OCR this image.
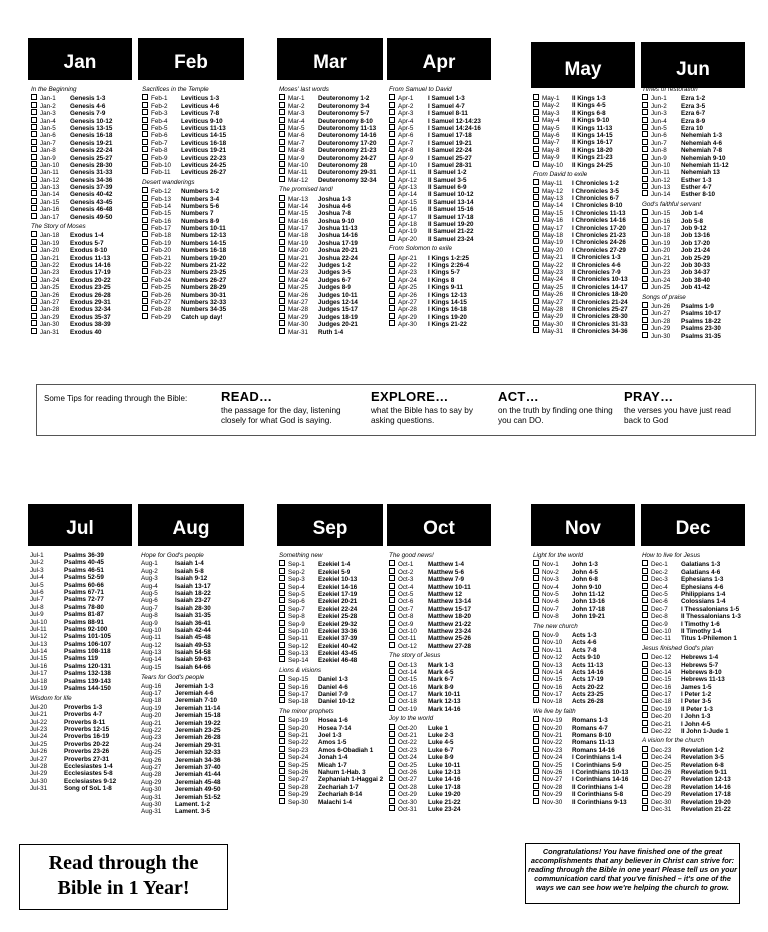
Jan	Feb	Mar	Apr	May	Jun
Jul	Aug	Sep	Oct	Nov	Dec
In the Beginning
Jan-1 Genesis 1-3
Jan-2 Genesis 4-6
Jan-3 Genesis 7-9
Jan-4 Genesis 10-12
Jan-5 Genesis 13-15
Jan-6 Genesis 16-18
Jan-7 Genesis 19-21
Jan-8 Genesis 22-24
Jan-9 Genesis 25-27
Jan-10 Genesis 28-30
Jan-11 Genesis 31-33
Jan-12 Genesis 34-36
Jan-13 Genesis 37-39
Jan-14 Genesis 40-42
Jan-15 Genesis 43-45
Jan-16 Genesis 46-48
Jan-17 Genesis 49-50
The Story of Moses
Jan-18 Exodus 1-4
Jan-19 Exodus 5-7
Jan-20 Exodus 8-10
Jan-21 Exodus 11-13
Jan-22 Exodus 14-16
Jan-23 Exodus 17-19
Jan-24 Exodus 20-22
Jan-25 Exodus 23-25
Jan-26 Exodus 26-28
Jan-27 Exodus 29-31
Jan-28 Exodus 32-34
Jan-29 Exodus 35-37
Jan-30 Exodus 38-39
Jan-31 Exodus 40
Sacrifices in the Temple
Feb-1 Leviticus 1-3
Feb-2 Leviticus 4-6
Feb-3 Leviticus 7-8
Feb-4 Leviticus 9-10
Feb-5 Leviticus 11-13
Feb-6 Leviticus 14-15
Feb-7 Leviticus 16-18
Feb-8 Leviticus 19-21
Feb-9 Leviticus 22-23
Feb-10 Leviticus 24-25
Feb-11 Leviticus 26-27
Desert wanderings
Feb-12 Numbers 1-2
Feb-13 Numbers 3-4
Feb-14 Numbers 5-6
Feb-15 Numbers 7
Feb-16 Numbers 8-9
Feb-17 Numbers 10-11
Feb-18 Numbers 12-13
Feb-19 Numbers 14-15
Feb-20 Numbers 16-18
Feb-21 Numbers 19-20
Feb-22 Numbers 21-22
Feb-23 Numbers 23-25
Feb-24 Numbers 26-27
Feb-25 Numbers 28-29
Feb-26 Numbers 30-31
Feb-27 Numbers 32-33
Feb-28 Numbers 34-35
Feb-29 Catch up day!
Moses' last words
Mar-1 Deuteronomy 1-2
Mar-2 Deuteronomy 3-4
Mar-3 Deuteronomy 5-7
Mar-4 Deuteronomy 8-10
Mar-5 Deuteronomy 11-13
Mar-6 Deuteronomy 14-16
Mar-7 Deuteronomy 17-20
Mar-8 Deuteronomy 21-23
Mar-9 Deuteronomy 24-27
Mar-10 Deuteronomy 28
Mar-11 Deuteronomy 29-31
Mar-12 Deuteronomy 32-34
The promised land!
Mar-13 Joshua 1-3
Mar-14 Joshua 4-6
Mar-15 Joshua 7-8
Mar-16 Joshua 9-10
Mar-17 Joshua 11-13
Mar-18 Joshua 14-16
Mar-19 Joshua 17-19
Mar-20 Joshua 20-21
Mar-21 Joshua 22-24
Mar-22 Judges 1-2
Mar-23 Judges 3-5
Mar-24 Judges 6-7
Mar-25 Judges 8-9
Mar-26 Judges 10-11
Mar-27 Judges 12-14
Mar-28 Judges 15-17
Mar-29 Judges 18-19
Mar-30 Judges 20-21
Mar-31 Ruth 1-4
From Samuel to David
Apr-1 I Samuel 1-3
Apr-2 I Samuel 4-7
Apr-3 I Samuel 8-11
Apr-4 I Samuel 12-14:23
Apr-5 I Samuel 14:24-16
Apr-6 I Samuel 17-18
Apr-7 I Samuel 19-21
Apr-8 I Samuel 22-24
Apr-9 I Samuel 25-27
Apr-10 I Samuel 28-31
Apr-11 II Samuel 1-2
Apr-12 II Samuel 3-5
Apr-13 II Samuel 6-9
Apr-14 II Samuel 10-12
Apr-15 II Samuel 13-14
Apr-16 II Samuel 15-16
Apr-17 II Samuel 17-18
Apr-18 II Samuel 19-20
Apr-19 II Samuel 21-22
Apr-20 II Samuel 23-24
From Solomon to exile
Apr-21 I Kings 1-2:25
Apr-22 I Kings 2:26-4
Apr-23 I Kings 5-7
Apr-24 I Kings 8
Apr-25 I Kings 9-11
Apr-26 I Kings 12-13
Apr-27 I Kings 14-15
Apr-28 I Kings 16-18
Apr-29 I Kings 19-20
Apr-30 I Kings 21-22
May-1 II Kings 1-3
May-2 II Kings 4-5
May-3 II Kings 6-8
May-4 II Kings 9-10
May-5 II Kings 11-13
May-6 II Kings 14-15
May-7 II Kings 16-17
May-8 II Kings 18-20
May-9 II Kings 21-23
May-10 II Kings 24-25
From David to exile
May-11 I Chronicles 1-2
May-12 I Chronicles 3-5
May-13 I Chronicles 6-7
May-14 I Chronicles 8-10
May-15 I Chronicles 11-13
May-16 I Chronicles 14-16
May-17 I Chronicles 17-20
May-18 I Chronicles 21-23
May-19 I Chronicles 24-26
May-20 I Chronicles 27-29
May-21 II Chronicles 1-3
May-22 II Chronicles 4-6
May-23 II Chronicles 7-9
May-24 II Chronicles 10-13
May-25 II Chronicles 14-17
May-26 II Chronicles 18-20
May-27 II Chronicles 21-24
May-28 II Chronicles 25-27
May-29 II Chronicles 28-30
May-30 II Chronicles 31-33
May-31 II Chronicles 34-36
Times of restoration
Jun-1 Ezra 1-2
Jun-2 Ezra 3-5
Jun-3 Ezra 6-7
Jun-4 Ezra 8-9
Jun-5 Ezra 10
Jun-6 Nehemiah 1-3
Jun-7 Nehemiah 4-6
Jun-8 Nehemiah 7-8
Jun-9 Nehemiah 9-10
Jun-10 Nehemiah 11-12
Jun-11 Nehemiah 13
Jun-12 Esther 1-3
Jun-13 Esther 4-7
Jun-14 Esther 8-10
God's faithful servant
Jun-15 Job 1-4
Jun-16 Job 5-8
Jun-17 Job 9-12
Jun-18 Job 13-16
Jun-19 Job 17-20
Jun-20 Job 21-24
Jun-21 Job 25-29
Jun-22 Job 30-33
Jun-23 Job 34-37
Jun-24 Job 38-40
Jun-25 Job 41-42
Songs of praise
Jun-26 Psalms 1-9
Jun-27 Psalms 10-17
Jun-28 Psalms 18-22
Jun-29 Psalms 23-30
Jun-30 Psalms 31-35
Jul-1	Psalms 36-39
Jul-2	Psalms 40-45
Jul-3	Psalms 46-51
Jul-4	Psalms 52-59
Jul-5	Psalms 60-66
Jul-6	Psalms 67-71
Jul-7	Psalms 72-77
Jul-8	Psalms 78-80
Jul-9	Psalms 81-87
Jul-10	Psalms 88-91
Jul-11	Psalms 92-100
Jul-12	Psalms 101-105
Jul-13	Psalms 106-107
Jul-14	Psalms 108-118
Jul-15	Psalms 119
Jul-16	Psalms 120-131
Jul-17	Psalms 132-138
Jul-18	Psalms 139-143
Jul-19	Psalms 144-150
Wisdom for life
Jul-20	Proverbs 1-3
Jul-21	Proverbs 4-7
Jul-22	Proverbs 8-11
Jul-23	Proverbs 12-15
Jul-24	Proverbs 16-19
Jul-25	Proverbs 20-22
Jul-26	Proverbs 23-26
Jul-27	Proverbs 27-31
Jul-28	Ecclesiastes 1-4
Jul-29	Ecclesiastes 5-8
Jul-30	Ecclesiastes 9-12
Jul-31	Song of SoL 1-8
Hope for God's people
Aug-1	Isaiah 1-4
Aug-2	Isaiah 5-8
Aug-3	Isaiah 9-12
Aug-4	Isaiah 13-17
Aug-5	Isaiah 18-22
Aug-6	Isaiah 23-27
Aug-7	Isaiah 28-30
Aug-8	Isaiah 31-35
Aug-9	Isaiah 36-41
Aug-10 Isaiah 42-44
Aug-11 Isaiah 45-48
Aug-12 Isaiah 49-53
Aug-13 Isaiah 54-58
Aug-14 Isaiah 59-63
Aug-15 Isaiah 64-66
Tears for God's people
Aug-16 Jeremiah 1-3
Aug-17 Jeremiah 4-6
Aug-18 Jeremiah 7-10
Aug-19 Jeremiah 11-14
Aug-20 Jeremiah 15-18
Aug-21 Jeremiah 19-22
Aug-22 Jeremiah 23-25
Aug-23 Jeremiah 26-28
Aug-24 Jeremiah 29-31
Aug-25 Jeremiah 32-33
Aug-26 Jeremiah 34-36
Aug-27 Jeremiah 37-40
Aug-28 Jeremiah 41-44
Aug-29 Jeremiah 45-48
Aug-30 Jeremiah 49-50
Aug-31 Jeremiah 51-52
Aug-30 Lament. 1-2
Aug-31 Lament. 3-5
Something new
Sep-1 Ezekiel 1-4
Sep-2 Ezekiel 5-9
Sep-3 Ezekiel 10-13
Sep-4 Ezekiel 14-16
Sep-5 Ezekiel 17-19
Sep-6 Ezekiel 20-21
Sep-7 Ezekiel 22-24
Sep-8 Ezekiel 25-28
Sep-9 Ezekiel 29-32
Sep-10 Ezekiel 33-36
Sep-11 Ezekiel 37-39
Sep-12 Ezekiel 40-42
Sep-13 Ezekiel 43-45
Sep-14 Ezekiel 46-48
Lions & visions
Sep-15 Daniel 1-3
Sep-16 Daniel 4-6
Sep-17 Daniel 7-9
Sep-18 Daniel 10-12
The minor prophets
Sep-19 Hosea 1-6
Sep-20 Hosea 7-14
Sep-21 Joel 1-3
Sep-22 Amos 1-5
Sep-23 Amos 6-Obadiah 1
Sep-24 Jonah 1-4
Sep-25 Micah 1-7
Sep-26 Nahum 1-Hab. 3
Sep-27 Zephaniah 1-Haggai 2
Sep-28 Zechariah 1-7
Sep-29 Zechariah 8-14
Sep-30 Malachi 1-4
The good news!
Oct-1 Matthew 1-4
Oct-2 Matthew 5-6
Oct-3 Matthew 7-9
Oct-4 Matthew 10-11
Oct-5 Matthew 12
Oct-6 Matthew 13-14
Oct-7 Matthew 15-17
Oct-8 Matthew 18-20
Oct-9 Matthew 21-22
Oct-10 Matthew 23-24
Oct-11 Matthew 25-26
Oct-12 Matthew 27-28
The story of Jesus
Oct-13 Mark 1-3
Oct-14 Mark 4-5
Oct-15 Mark 6-7
Oct-16 Mark 8-9
Oct-17 Mark 10-11
Oct-18 Mark 12-13
Oct-19 Mark 14-16
Joy to the world
Oct-20 Luke 1
Oct-21 Luke 2-3
Oct-22 Luke 4-5
Oct-23 Luke 6-7
Oct-24 Luke 8-9
Oct-25 Luke 10-11
Oct-26 Luke 12-13
Oct-27 Luke 14-16
Oct-28 Luke 17-18
Oct-29 Luke 19-20
Oct-30 Luke 21-22
Oct-31 Luke 23-24
Light for the world
Nov-1 John 1-3
Nov-2 John 4-5
Nov-3 John 6-8
Nov-4 John 9-10
Nov-5 John 11-12
Nov-6 John 13-16
Nov-7 John 17-18
Nov-8 John 19-21
The new church
Nov-9 Acts 1-3
Nov-10 Acts 4-6
Nov-11 Acts 7-8
Nov-12 Acts 9-10
Nov-13 Acts 11-13
Nov-14 Acts 14-16
Nov-15 Acts 17-19
Nov-16 Acts 20-22
Nov-17 Acts 23-25
Nov-18 Acts 26-28
We live by faith
Nov-19 Romans 1-3
Nov-20 Romans 4-7
Nov-21 Romans 8-10
Nov-22 Romans 11-13
Nov-23 Romans 14-16
Nov-24 I Corinthians 1-4
Nov-25 I Corinthians 5-9
Nov-26 I Corinthians 10-13
Nov-27 I Corinthians 14-16
Nov-28 II Corinthians 1-4
Nov-29 II Corinthians 5-8
Nov-30 II Corinthians 9-13
How to live for Jesus
Dec-1 Galatians 1-3
Dec-2 Galatians 4-6
Dec-3 Ephesians 1-3
Dec-4 Ephesians 4-6
Dec-5 Philippians 1-4
Dec-6 Colossians 1-4
Dec-7 I Thessalonians 1-5
Dec-8 II Thessalonians 1-3
Dec-9 I Timothy 1-6
Dec-10 II Timothy 1-4
Dec-11 Titus 1-Philemon 1
Jesus finished God's plan
Dec-12 Hebrews 1-4
Dec-13 Hebrews 5-7
Dec-14 Hebrews 8-10
Dec-15 Hebrews 11-13
Dec-16 James 1-5
Dec-17 I Peter 1-2
Dec-18 I Peter 3-5
Dec-19 II Peter 1-3
Dec-20 I John 1-3
Dec-21 I John 4-5
Dec-22 II John 1-Jude 1
A vision for the church
Dec-23 Revelation 1-2
Dec-24 Revelation 3-5
Dec-25 Revelation 6-8
Dec-26 Revelation 9-11
Dec-27 Revelation 12-13
Dec-28 Revelation 14-16
Dec-29 Revelation 17-18
Dec-30 Revelation 19-20
Dec-31 Revelation 21-22
Some Tips for reading through the Bible:	READ…
the passage for the day, listening closely for what God is saying.
EXPLORE…
what the Bible has to say by asking questions.
ACT…
on the truth by finding one thing you can DO.
PRAY…
the verses you have just read back to God
Read through the
Bible in 1 Year!
Congratulations! You have finished one of the great accomplishments that any believer in Christ can strive for: reading through the Bible in one year! Please tell us on your communication card that you've finished – it's one of the ways we can see how we're helping the church to grow.
